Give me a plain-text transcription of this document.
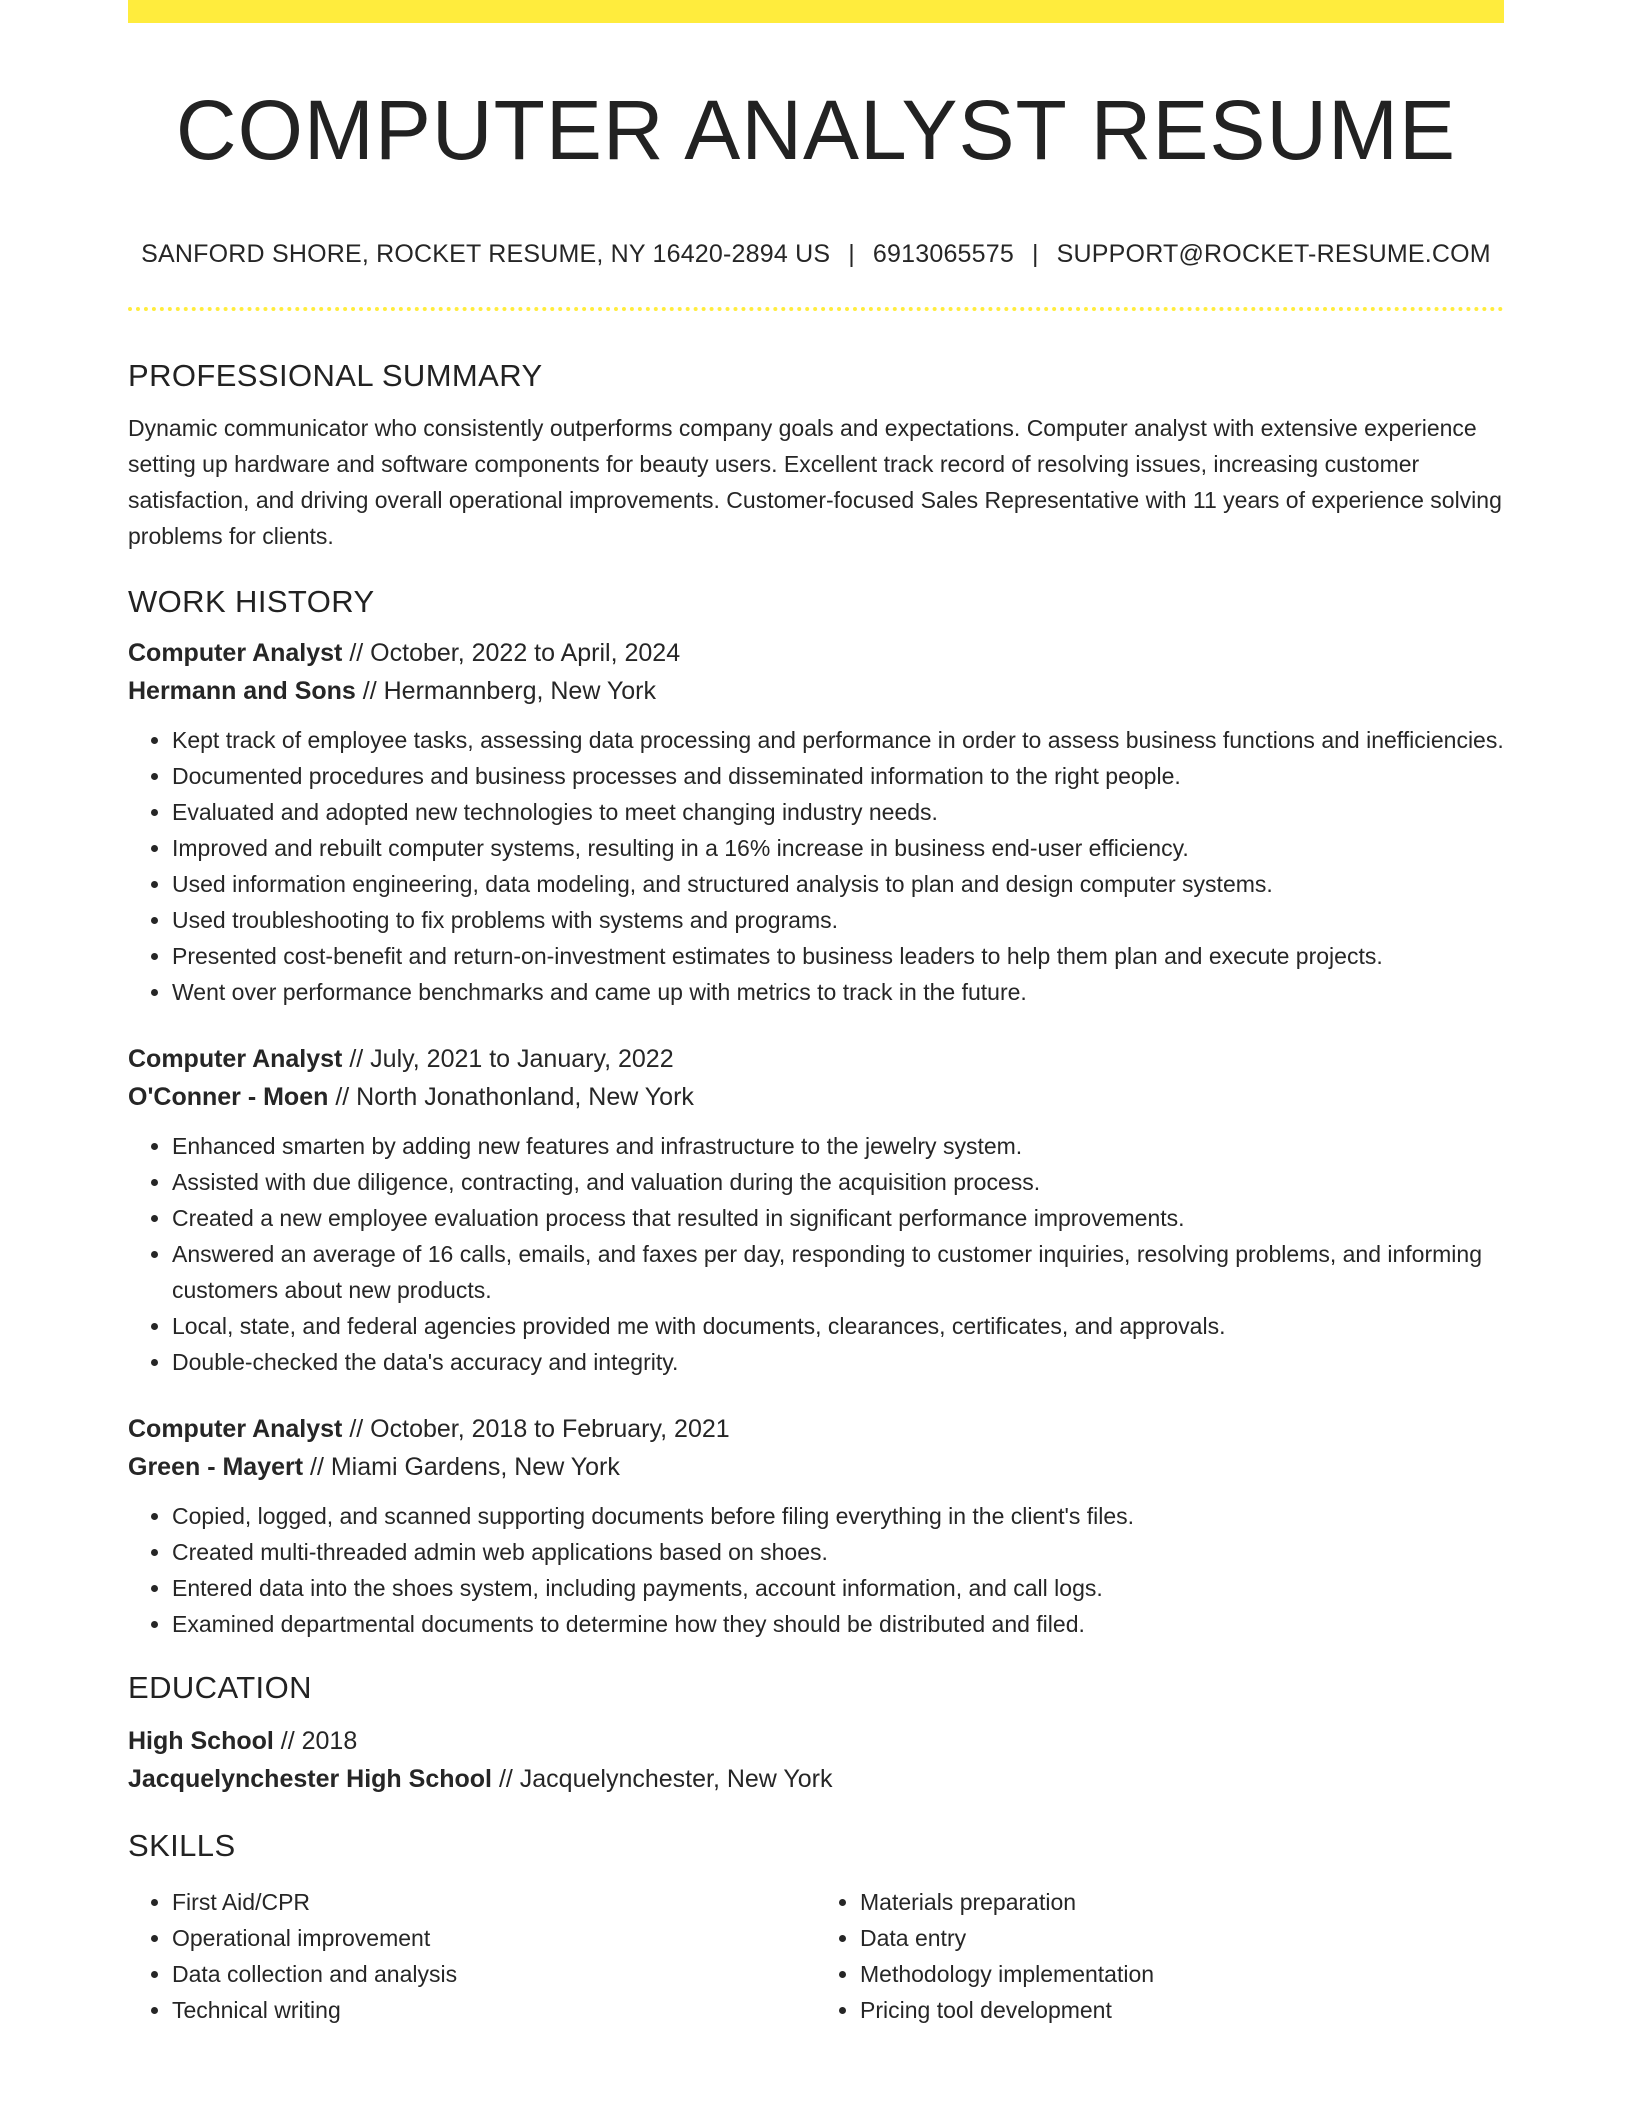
COMPUTER ANALYST RESUME
SANFORD SHORE, ROCKET RESUME, NY 16420-2894 US | 6913065575 | SUPPORT@ROCKET-RESUME.COM
PROFESSIONAL SUMMARY

Dynamic communicator who consistently outperforms company goals and expectations. Computer analyst with extensive experience setting up hardware and software components for beauty users. Excellent track record of resolving issues, increasing customer satisfaction, and driving overall operational improvements. Customer-focused Sales Representative with 11 years of experience solving problems for clients.

WORK HISTORY
Computer Analyst // October, 2022 to April, 2024
Hermann and Sons // Hermannberg, New York
• Kept track of employee tasks, assessing data processing and performance in order to assess business functions and inefficiencies.
• Documented procedures and business processes and disseminated information to the right people.
• Evaluated and adopted new technologies to meet changing industry needs.
• Improved and rebuilt computer systems, resulting in a 16% increase in business end-user efficiency.
• Used information engineering, data modeling, and structured analysis to plan and design computer systems.
• Used troubleshooting to fix problems with systems and programs.
• Presented cost-benefit and return-on-investment estimates to business leaders to help them plan and execute projects.
• Went over performance benchmarks and came up with metrics to track in the future.
Computer Analyst // July, 2021 to January, 2022
O'Conner - Moen // North Jonathonland, New York
• Enhanced smarten by adding new features and infrastructure to the jewelry system.
• Assisted with due diligence, contracting, and valuation during the acquisition process.
• Created a new employee evaluation process that resulted in significant performance improvements.
• Answered an average of 16 calls, emails, and faxes per day, responding to customer inquiries, resolving problems, and informing customers about new products.
• Local, state, and federal agencies provided me with documents, clearances, certificates, and approvals.
• Double-checked the data's accuracy and integrity.
Computer Analyst // October, 2018 to February, 2021
Green - Mayert // Miami Gardens, New York
• Copied, logged, and scanned supporting documents before filing everything in the client's files.
• Created multi-threaded admin web applications based on shoes.
• Entered data into the shoes system, including payments, account information, and call logs.
• Examined departmental documents to determine how they should be distributed and filed.
EDUCATION
High School // 2018
Jacquelynchester High School // Jacquelynchester, New York
SKILLS
• First Aid/CPR
• Operational improvement
• Data collection and analysis
• Technical writing
• Materials preparation
• Data entry
• Methodology implementation
• Pricing tool development
